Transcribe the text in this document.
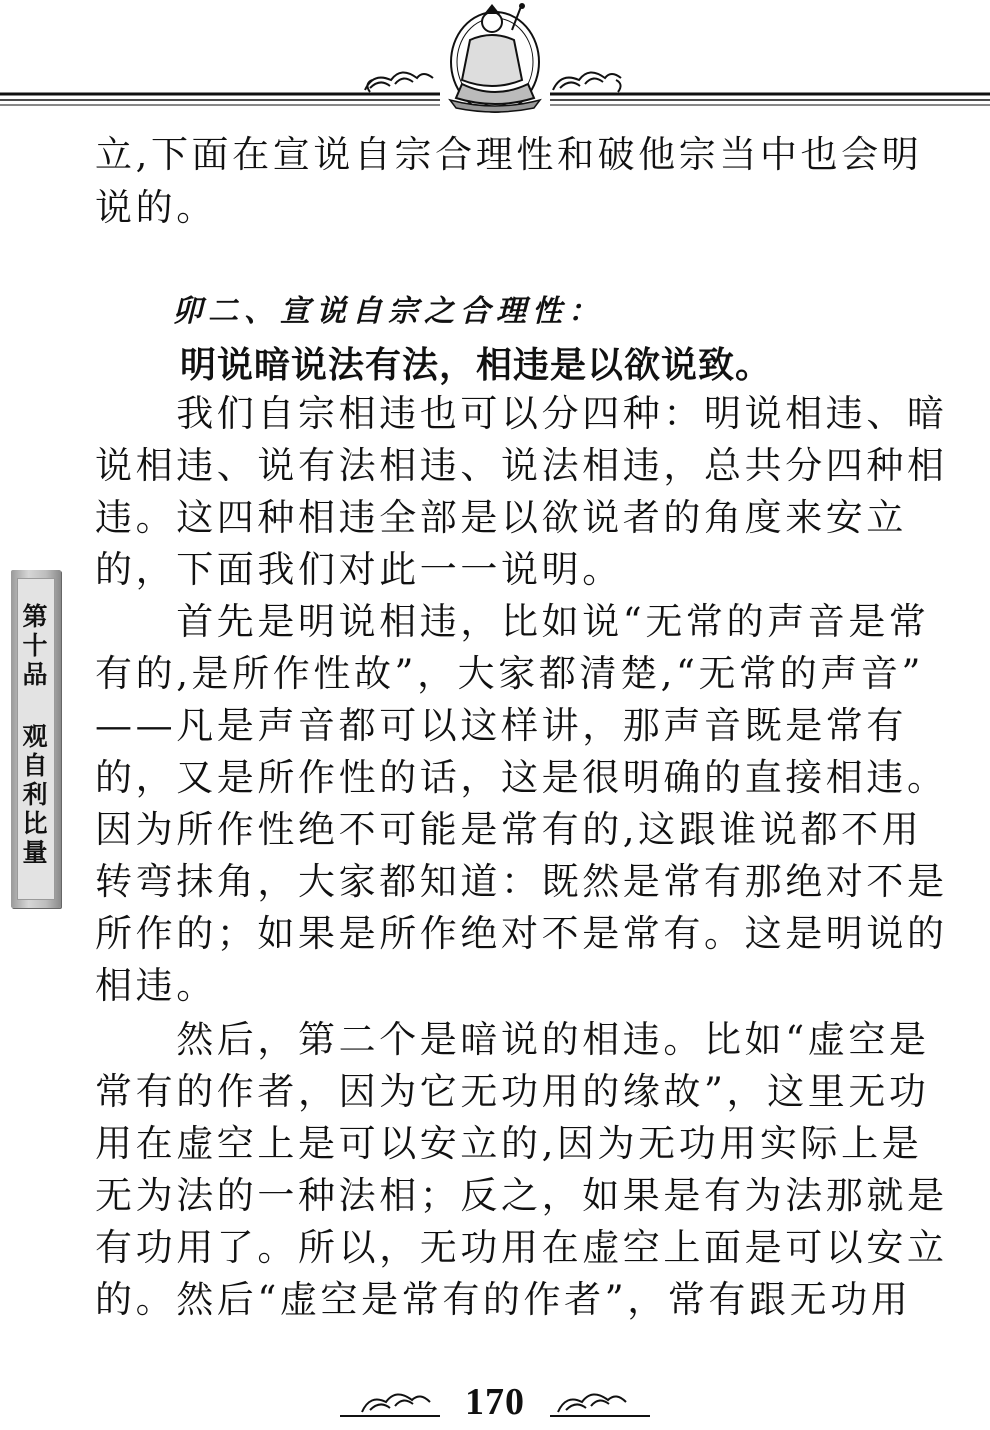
立,下面在宣说自宗合理性和破他宗当中也会明
说的。
卯二、宣说自宗之合理性：
明说暗说法有法，相违是以欲说致。
　　我们自宗相违也可以分四种：明说相违、暗
说相违、说有法相违、说法相违，总共分四种相
违。这四种相违全部是以欲说者的角度来安立
的，下面我们对此一一说明。
　　首先是明说相违，比如说“无常的声音是常
有的,是所作性故”，大家都清楚,“无常的声音”
——凡是声音都可以这样讲，那声音既是常有
的，又是所作性的话，这是很明确的直接相违。
因为所作性绝不可能是常有的,这跟谁说都不用
转弯抹角，大家都知道：既然是常有那绝对不是
所作的；如果是所作绝对不是常有。这是明说的
相违。
　　然后，第二个是暗说的相违。比如“虚空是
常有的作者，因为它无功用的缘故”，这里无功
用在虚空上是可以安立的,因为无功用实际上是
无为法的一种法相；反之，如果是有为法那就是
有功用了。所以，无功用在虚空上面是可以安立
的。然后“虚空是常有的作者”，常有跟无功用
第十品 观自利比量
170
